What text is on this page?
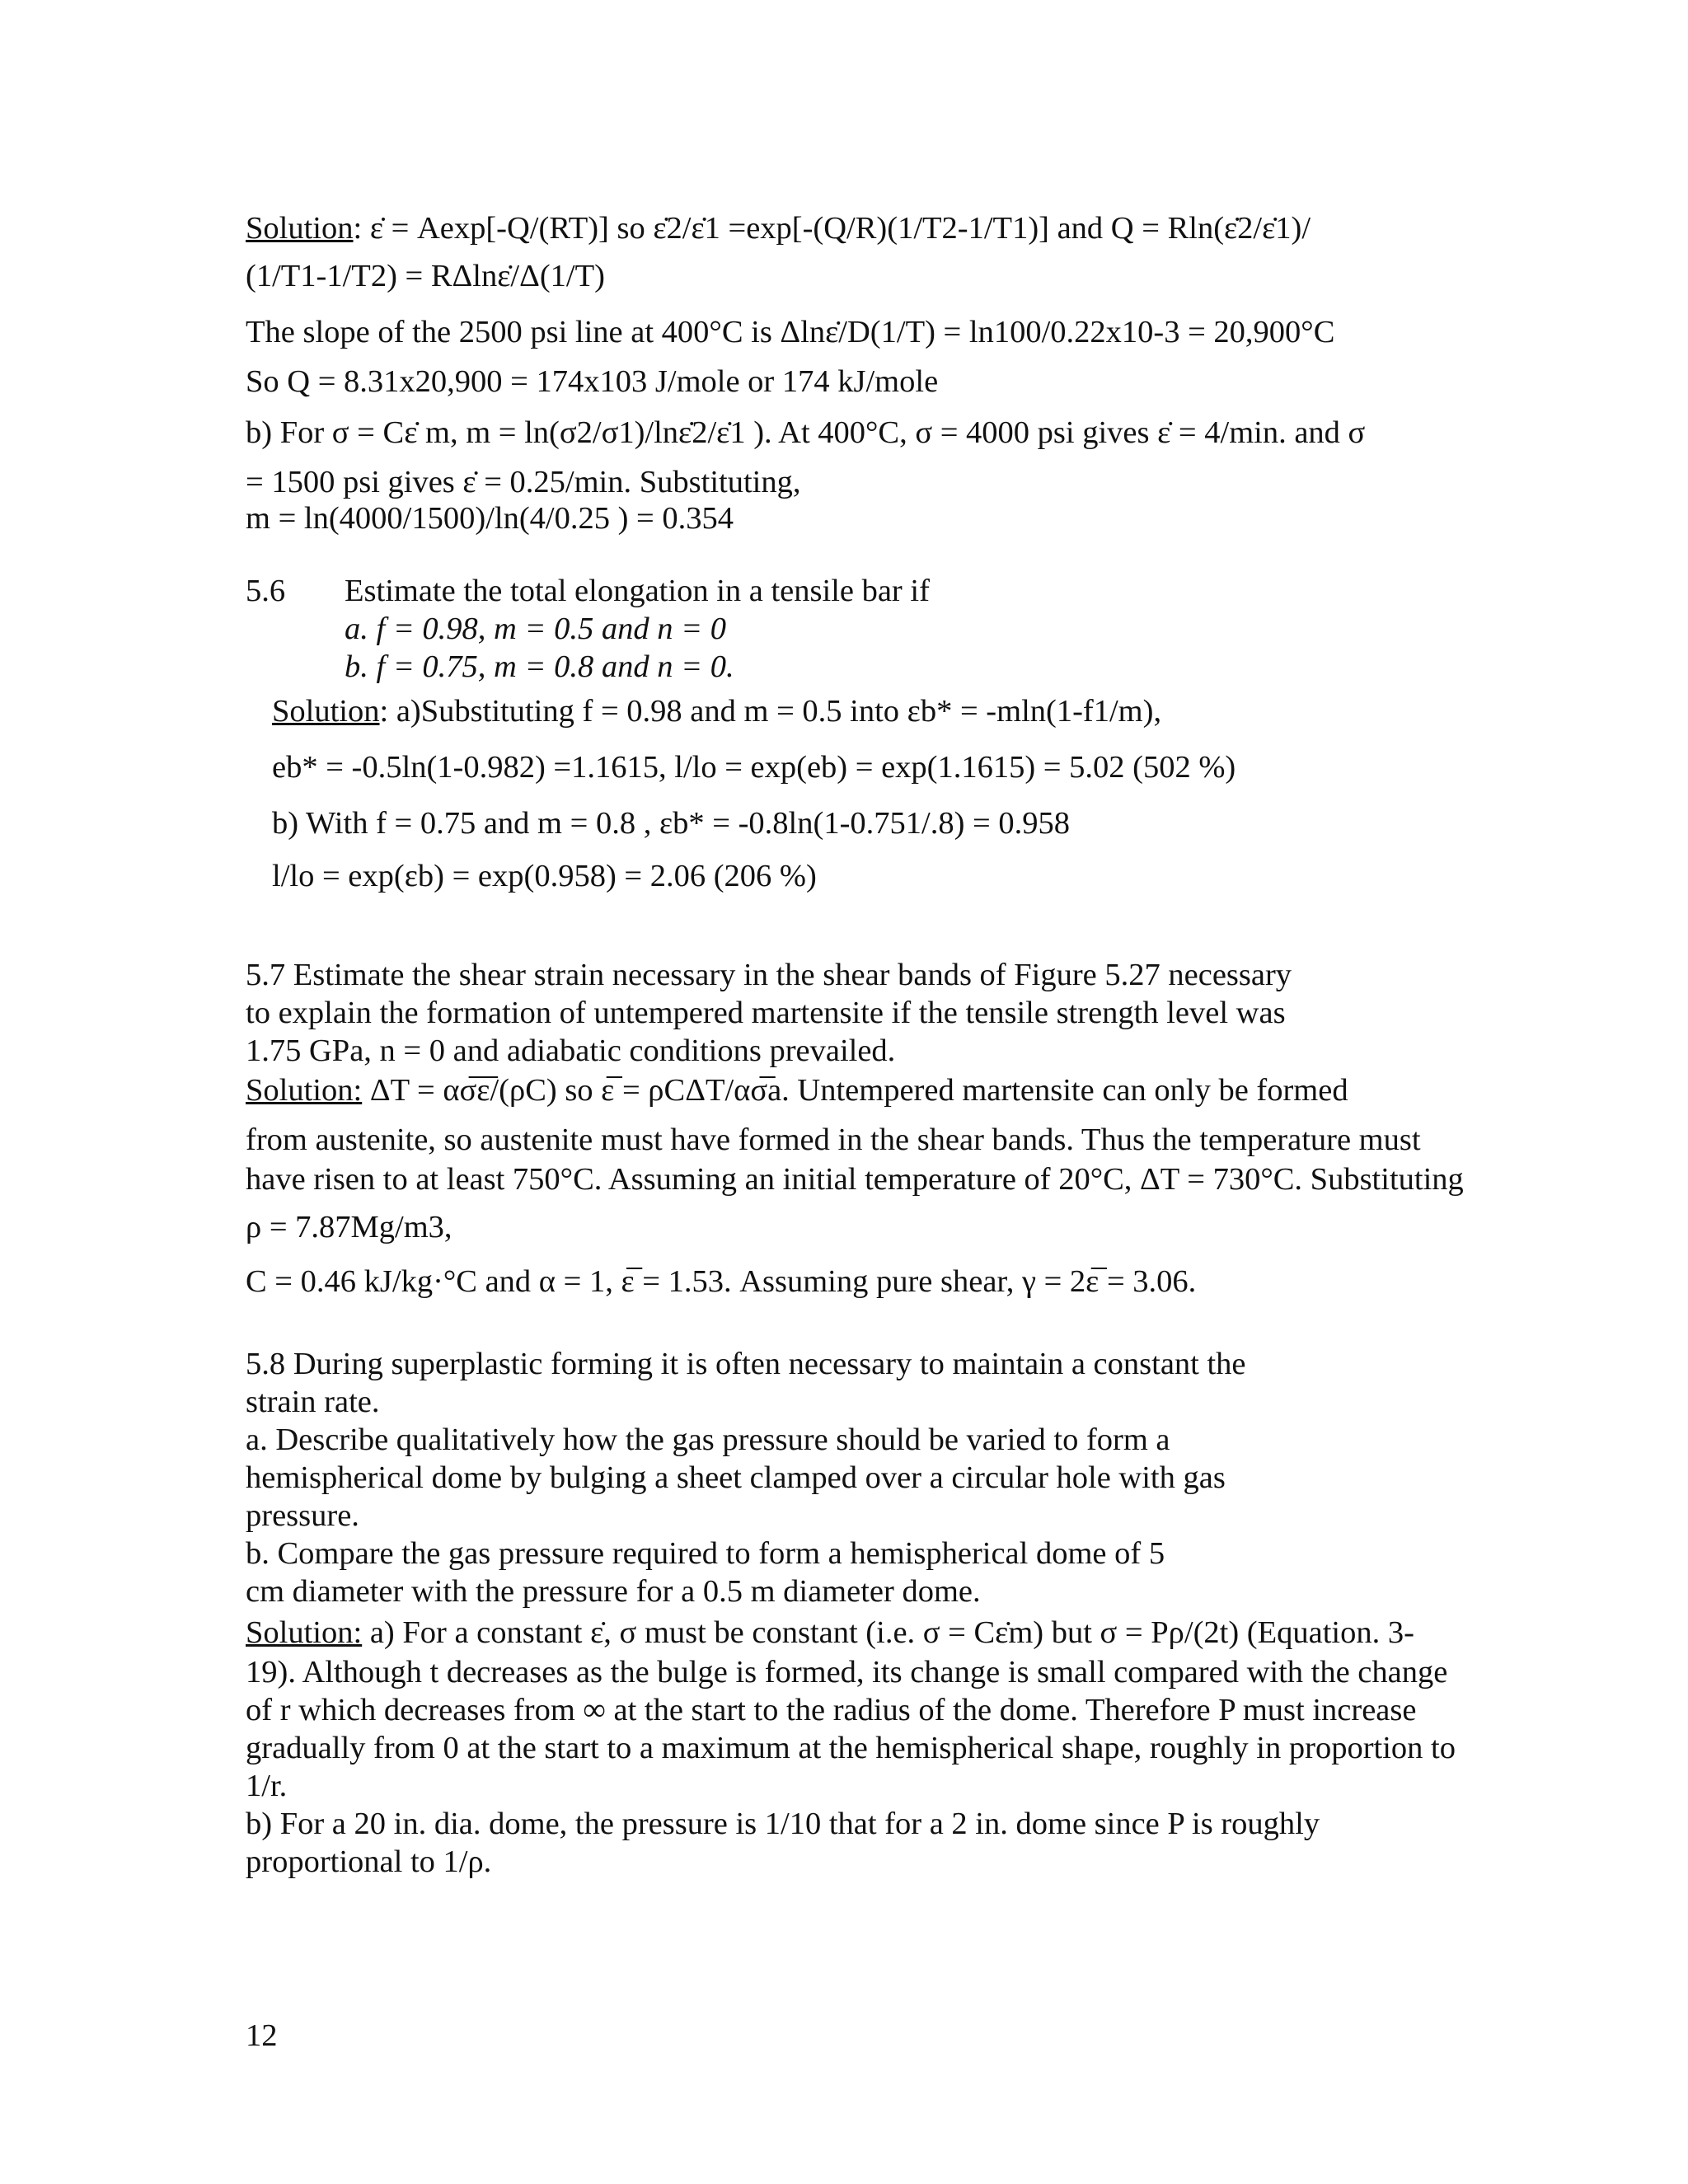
Solution: ε̇ = Aexp[-Q/(RT)] so ε̇2/ε̇1 =exp[-(Q/R)(1/T2-1/T1)] and Q = Rln(ε̇2/ε̇1)/
(1/T1-1/T2) = RΔlnε̇/Δ(1/T)
The slope of the 2500 psi line at 400°C is Δlnε̇/D(1/T) = ln100/0.22x10-3 = 20,900°C
So Q = 8.31x20,900 = 174x103 J/mole or 174 kJ/mole
b) For σ = Cε̇ m, m = ln(σ2/σ1)/lnε̇2/ε̇1 ). At 400°C, σ = 4000 psi gives ε̇ = 4/min. and σ
= 1500 psi gives ε̇ = 0.25/min. Substituting,
m = ln(4000/1500)/ln(4/0.25 ) = 0.354
5.6 Estimate the total elongation in a tensile bar if
a. f = 0.98, m = 0.5 and n = 0
b. f = 0.75, m = 0.8 and n = 0.
Solution: a)Substituting f = 0.98 and m = 0.5 into εb* = -mln(1-f1/m),
eb* = -0.5ln(1-0.982) =1.1615, l/lo = exp(eb) = exp(1.1615) = 5.02 (502 %)
b) With f = 0.75 and m = 0.8 , εb* = -0.8ln(1-0.751/.8) = 0.958
l/lo = exp(εb) = exp(0.958) = 2.06 (206 %)
5.7 Estimate the shear strain necessary in the shear bands of Figure 5.27 necessary
to explain the formation of untempered martensite if the tensile strength level was
1.75 GPa, n = 0 and adiabatic conditions prevailed.
Solution: ΔT = ασ̅ε̅/(ρC) so ε̅ = ρCΔT/ασ̅a. Untempered martensite can only be formed
from austenite, so austenite must have formed in the shear bands. Thus the temperature must
have risen to at least 750°C. Assuming an initial temperature of 20°C, ΔT = 730°C. Substituting
ρ = 7.87Mg/m3,
C = 0.46 kJ/kg·°C and α = 1, ε̅ = 1.53. Assuming pure shear, γ = 2ε̅ = 3.06.
5.8 During superplastic forming it is often necessary to maintain a constant the
strain rate.
a. Describe qualitatively how the gas pressure should be varied to form a
hemispherical dome by bulging a sheet clamped over a circular hole with gas
pressure.
b. Compare the gas pressure required to form a hemispherical dome of 5
cm diameter with the pressure for a 0.5 m diameter dome.
Solution: a) For a constant ε̇, σ must be constant (i.e. σ = Cε̇m) but σ = Pρ/(2t) (Equation. 3-
19). Although t decreases as the bulge is formed, its change is small compared with the change
of r which decreases from ∞ at the start to the radius of the dome. Therefore P must increase
gradually from 0 at the start to a maximum at the hemispherical shape, roughly in proportion to
1/r.
b) For a 20 in. dia. dome, the pressure is 1/10 that for a 2 in. dome since P is roughly
proportional to 1/ρ.
12
